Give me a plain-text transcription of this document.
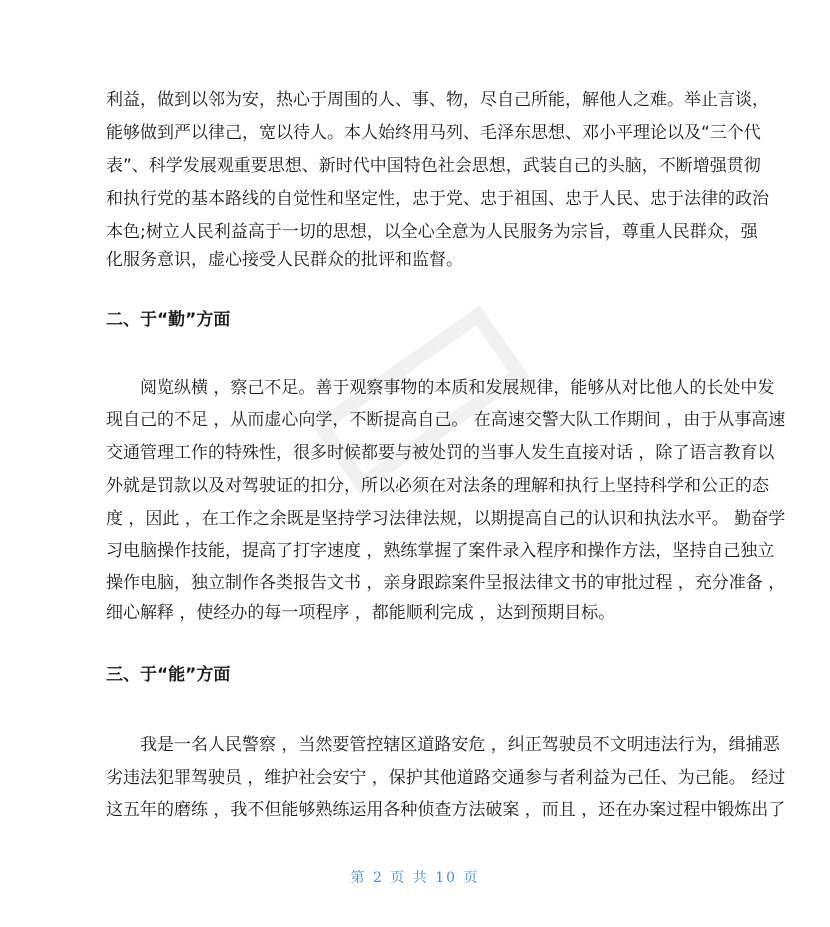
利益，做到以邻为安，热心于周围的人、事、物，尽自己所能，解他人之难。举止言谈，
能够做到严以律己，宽以待人。本人始终用马列、毛泽东思想、邓小平理论以及“三个代
表”、科学发展观重要思想、新时代中国特色社会思想，武装自己的头脑，不断增强贯彻
和执行党的基本路线的自觉性和坚定性，忠于党、忠于祖国、忠于人民、忠于法律的政治
本色;树立人民利益高于一切的思想，以全心全意为人民服务为宗旨，尊重人民群众，强
化服务意识，虚心接受人民群众的批评和监督。
二、于“勤”方面
阅览纵横 ，察己不足。善于观察事物的本质和发展规律，能够从对比他人的长处中发
现自己的不足 ，从而虚心向学，不断提高自己。 在高速交警大队工作期间 ，由于从事高速
交通管理工作的特殊性，很多时候都要与被处罚的当事人发生直接对话 ，除了语言教育以
外就是罚款以及对驾驶证的扣分，所以必须在对法条的理解和执行上坚持科学和公正的态
度 ，因此 ，在工作之余既是坚持学习法律法规，以期提高自己的认识和执法水平。 勤奋学
习电脑操作技能，提高了打字速度 ，熟练掌握了案件录入程序和操作方法，坚持自己独立
操作电脑，独立制作各类报告文书 ，亲身跟踪案件呈报法律文书的审批过程 ，充分准备 ，
细心解释 ，使经办的每一项程序 ，都能顺利完成 ，达到预期目标。
三、于“能”方面
我是一名人民警察 ，当然要管控辖区道路安危 ，纠正驾驶员不文明违法行为，缉捕恶
劣违法犯罪驾驶员 ，维护社会安宁 ，保护其他道路交通参与者利益为己任、为己能。 经过
这五年的磨练 ，我不但能够熟练运用各种侦查方法破案 ，而且 ，还在办案过程中锻炼出了
第 2 页 共 10 页
